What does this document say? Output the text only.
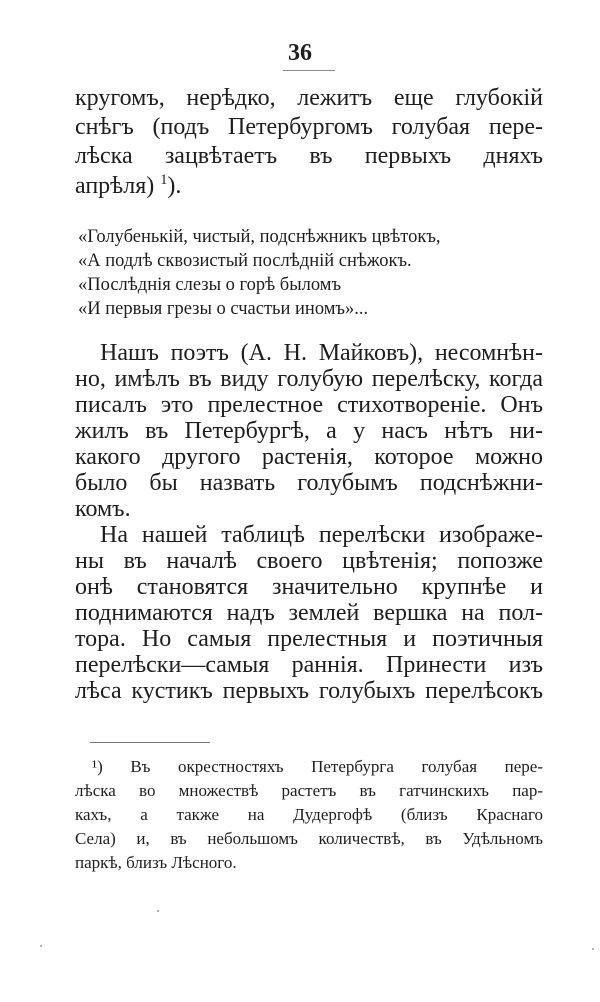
36
кругомъ, нерѣдко, лежитъ еще глубокій
снѣгъ (подъ Петербургомъ голубая пере-
лѣска зацвѣтаетъ въ первыхъ дняхъ
апрѣля) $^1$).
«Голубенькій, чистый, подснѣжникъ цвѣтокъ,
«А подлѣ сквозистый послѣдній снѣжокъ.
«Послѣднія слезы о горѣ быломъ
«И первыя грезы о счастьи иномъ»...
Нашъ поэтъ (А. Н. Майковъ), несомнѣн-
но, имѣлъ въ виду голубую перелѣску, когда
писалъ это прелестное стихотвореніе. Онъ
жилъ въ Петербургѣ, а у насъ нѣтъ ни-
какого другого растенія, которое можно
было бы назвать голубымъ подснѣжни-
комъ.
На нашей таблицѣ перелѣски изображе-
ны въ началѣ своего цвѣтенія; попозже
онѣ становятся значительно крупнѣе и
поднимаются надъ землей вершка на пол-
тора. Но самыя прелестныя и поэтичныя
перелѣски—самыя раннія. Принести изъ
лѣса кустикъ первыхъ голубыхъ перелѣсокъ
¹) Въ окрестностяхъ Петербурга голубая пере-
лѣска во множествѣ растетъ въ гатчинскихъ пар-
кахъ, а также на Дудергофѣ (близъ Краснаго
Села) и, въ небольшомъ количествѣ, въ Удѣльномъ
паркѣ, близъ Лѣсного.
